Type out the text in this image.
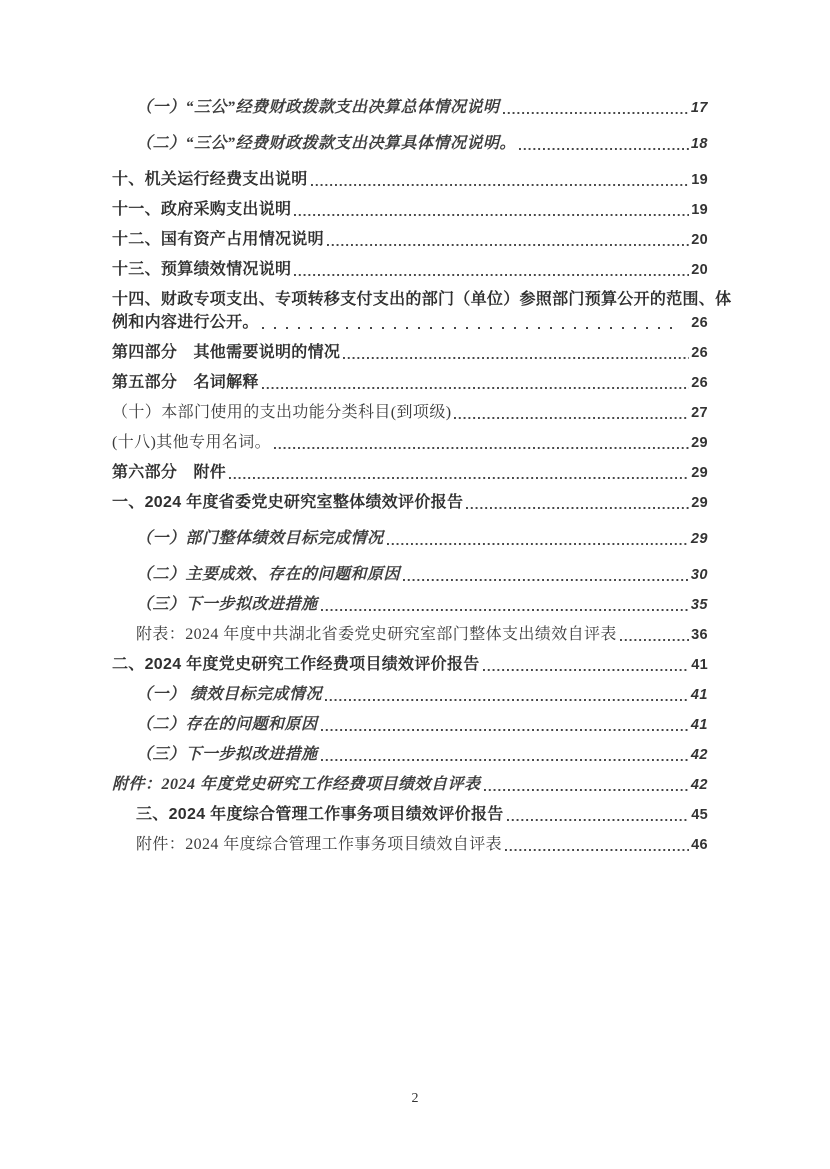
（一）“三公”经费财政拨款支出决算总体情况说明	17
（二）“三公”经费财政拨款支出决算具体情况说明。	18
十、机关运行经费支出说明	19
十一、政府采购支出说明	19
十二、国有资产占用情况说明	20
十三、预算绩效情况说明	20
十四、财政专项支出、专项转移支付支出的部门（单位）参照部门预算公开的范围、体
例和内容进行公开。	26
第四部分　其他需要说明的情况	26
第五部分　名词解释	26
（十）本部门使用的支出功能分类科目(到项级)	27
(十八)其他专用名词。	29
第六部分　附件	29
一、2024 年度省委党史研究室整体绩效评价报告	29
（一）部门整体绩效目标完成情况	29
（二）主要成效、存在的问题和原因	30
（三）下一步拟改进措施	35
附表：2024 年度中共湖北省委党史研究室部门整体支出绩效自评表	36
二、2024 年度党史研究工作经费项目绩效评价报告	41
（一） 绩效目标完成情况	41
（二）存在的问题和原因	41
（三）下一步拟改进措施	42
附件：2024 年度党史研究工作经费项目绩效自评表	42
三、2024 年度综合管理工作事务项目绩效评价报告	45
附件：2024 年度综合管理工作事务项目绩效自评表	46
2
